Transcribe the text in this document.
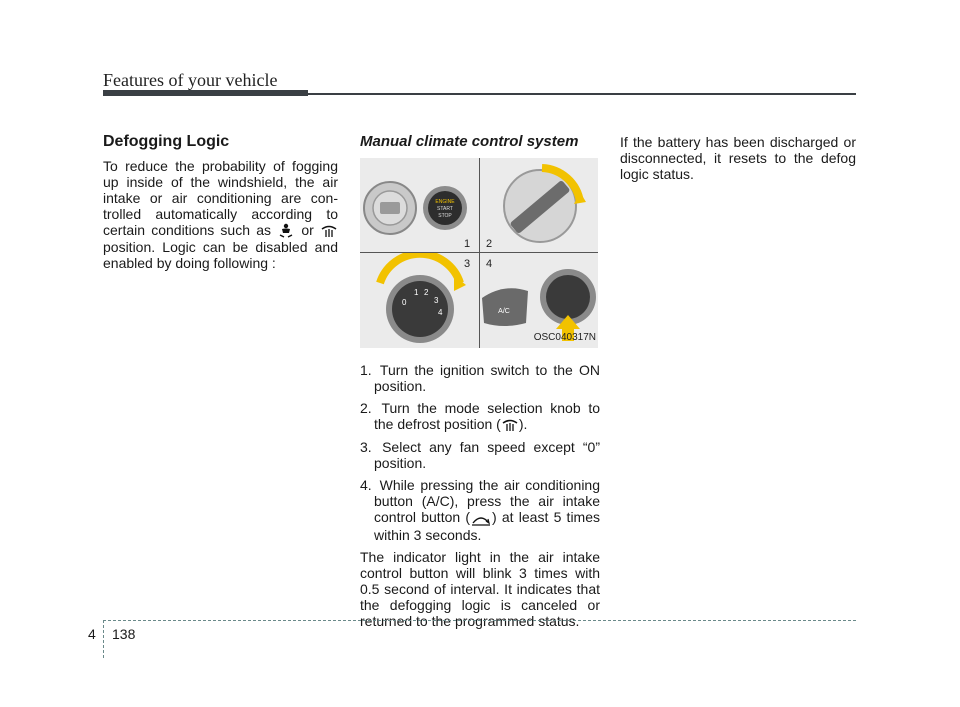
Features of your vehicle
Defogging Logic

To reduce the probability of fogging up inside of the windshield, the air intake or air conditioning are con- trolled automatically according to certain conditions such as or  position. Logic can be disabled and enabled by doing following :

Manual climate control system
ENGINE
START
STOP
0
1 2
3
4	A/C
1 2
3 4
OSC040317N
1. Turn the ignition switch to the ON position.
2. Turn the mode selection knob to the defrost position ( ).
3. Select any fan speed except “0” position.
4. While pressing the air conditioning button (A/C), press the air intake control button ( ) at least 5 times within 3 seconds.

The indicator light in the air intake control button will blink 3 times with 0.5 second of interval. It indicates that the defogging logic is canceled or returned to the programmed status.

If the battery has been discharged or disconnected, it resets to the defog logic status.

4 138
